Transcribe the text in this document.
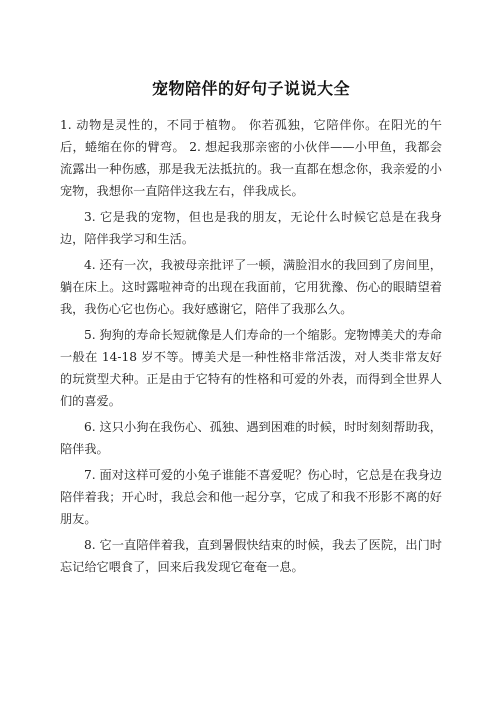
宠物陪伴的好句子说说大全

1. 动物是灵性的，不同于植物。 你若孤独，它陪伴你。在阳光的午后，蜷缩在你的臂弯。 2. 想起我那亲密的小伙伴——小甲鱼，我都会流露出一种伤感，那是我无法抵抗的。我一直都在想念你，我亲爱的小宠物，我想你一直陪伴这我左右，伴我成长。

3. 它是我的宠物，但也是我的朋友，无论什么时候它总是在我身边，陪伴我学习和生活。

4. 还有一次，我被母亲批评了一顿，满脸泪水的我回到了房间里，躺在床上。这时露啦神奇的出现在我面前，它用犹豫、伤心的眼睛望着我，我伤心它也伤心。我好感谢它，陪伴了我那么久。

5. 狗狗的寿命长短就像是人们寿命的一个缩影。宠物博美犬的寿命一般在 14-18 岁不等。博美犬是一种性格非常活泼，对人类非常友好的玩赏型犬种。正是由于它特有的性格和可爱的外表，而得到全世界人们的喜爱。

6. 这只小狗在我伤心、孤独、遇到困难的时候，时时刻刻帮助我，陪伴我。

7. 面对这样可爱的小兔子谁能不喜爱呢？伤心时，它总是在我身边陪伴着我；开心时，我总会和他一起分享，它成了和我不形影不离的好朋友。

8. 它一直陪伴着我，直到暑假快结束的时候，我去了医院，出门时忘记给它喂食了，回来后我发现它奄奄一息。
